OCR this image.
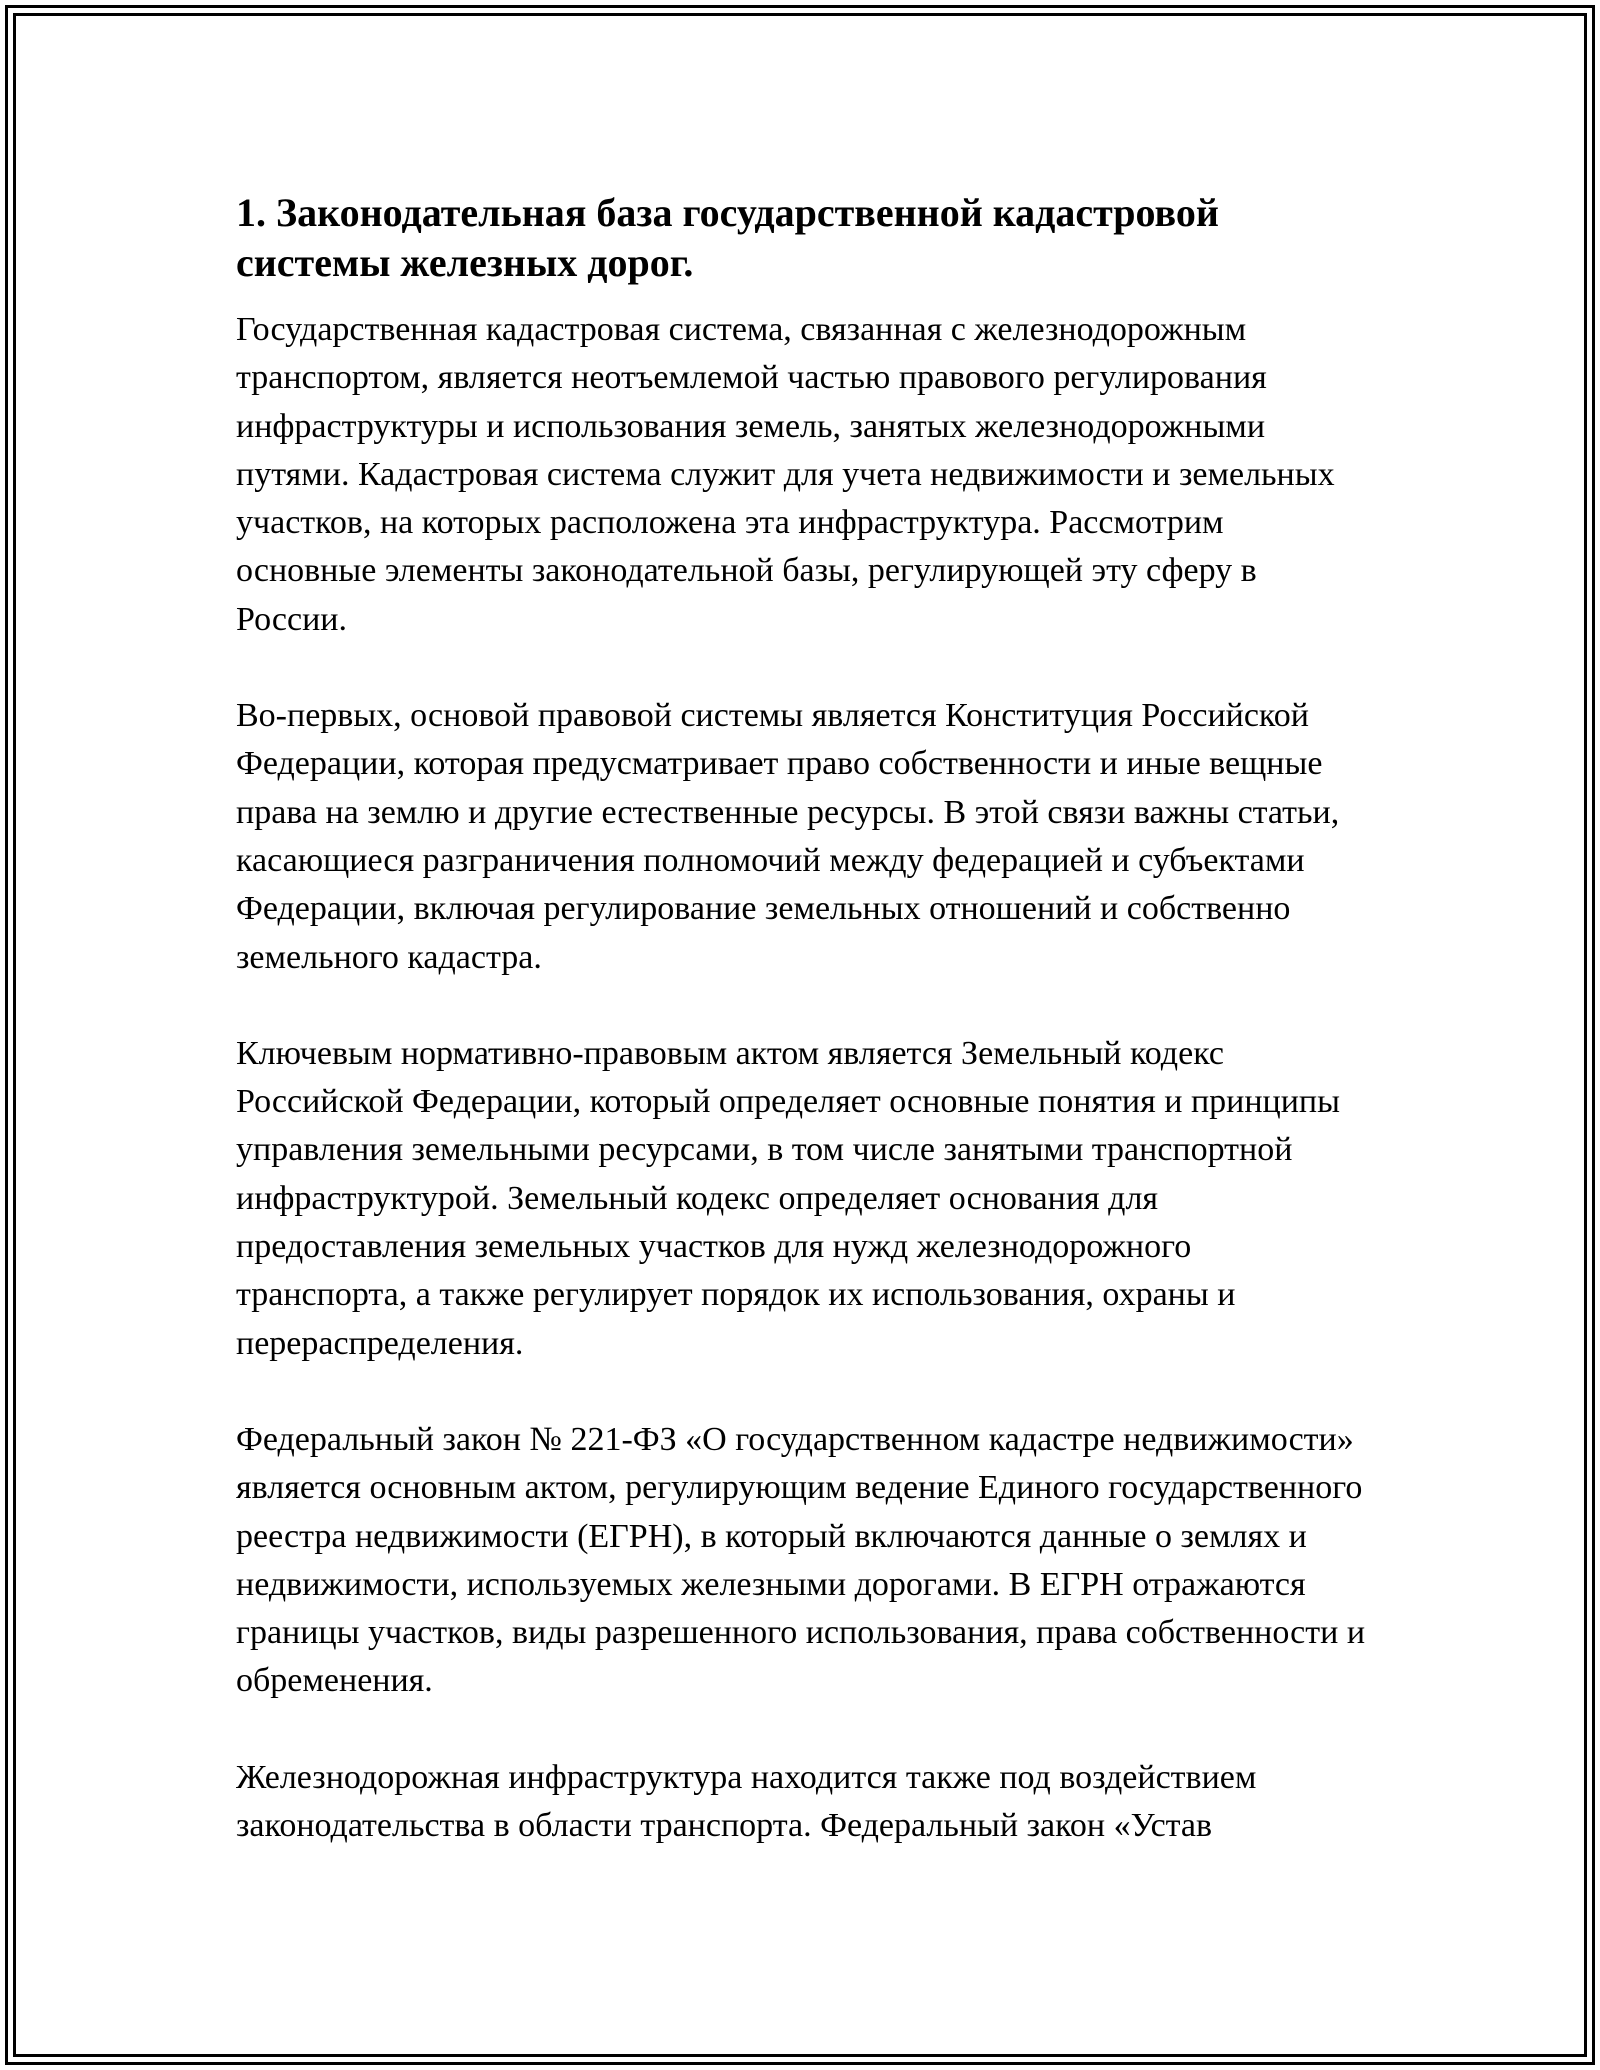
1. Законодательная база государственной кадастровой системы железных дорог.

Государственная кадастровая система, связанная с железнодорожным транспортом, является неотъемлемой частью правового регулирования инфраструктуры и использования земель, занятых железнодорожными путями. Кадастровая система служит для учета недвижимости и земельных участков, на которых расположена эта инфраструктура. Рассмотрим основные элементы законодательной базы, регулирующей эту сферу в России.

Во-первых, основой правовой системы является Конституция Российской Федерации, которая предусматривает право собственности и иные вещные права на землю и другие естественные ресурсы. В этой связи важны статьи, касающиеся разграничения полномочий между федерацией и субъектами Федерации, включая регулирование земельных отношений и собственно земельного кадастра.

Ключевым нормативно-правовым актом является Земельный кодекс Российской Федерации, который определяет основные понятия и принципы управления земельными ресурсами, в том числе занятыми транспортной инфраструктурой. Земельный кодекс определяет основания для предоставления земельных участков для нужд железнодорожного транспорта, а также регулирует порядок их использования, охраны и перераспределения.

Федеральный закон № 221-ФЗ «О государственном кадастре недвижимости» является основным актом, регулирующим ведение Единого государственного реестра недвижимости (ЕГРН), в который включаются данные о землях и недвижимости, используемых железными дорогами. В ЕГРН отражаются границы участков, виды разрешенного использования, права собственности и обременения.

Железнодорожная инфраструктура находится также под воздействием законодательства в области транспорта. Федеральный закон «Устав
